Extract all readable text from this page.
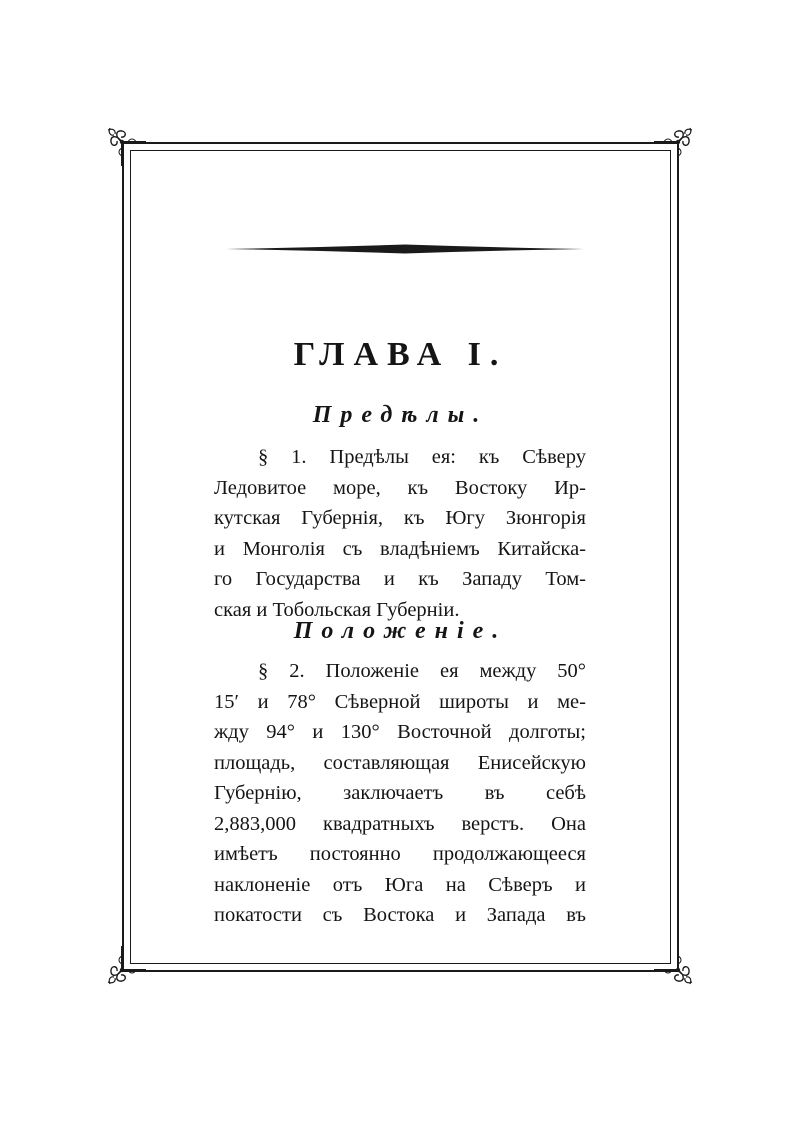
ГЛАВА I.
Предѣлы.

§ 1. Предѣлы ея: къ Сѣверу
Ледовитое море, къ Востоку Ир-
кутская Губернія, къ Югу Зюнгорія
и Монголія съ владѣніемъ Китайска-
го Государства и къ Западу Том-
ская и Тобольская Губерніи.

Положеніе.

§ 2. Положеніе ея между 50°
15′ и 78° Сѣверной широты и ме-
жду 94° и 130° Восточной долготы;
площадь, составляющая Енисейскую
Губернію, заключаетъ въ себѣ
2,883,000 квадратныхъ верстъ. Она
имѣетъ постоянно продолжающееся
наклоненіе отъ Юга на Сѣверъ и
покатости съ Востока и Запада въ
